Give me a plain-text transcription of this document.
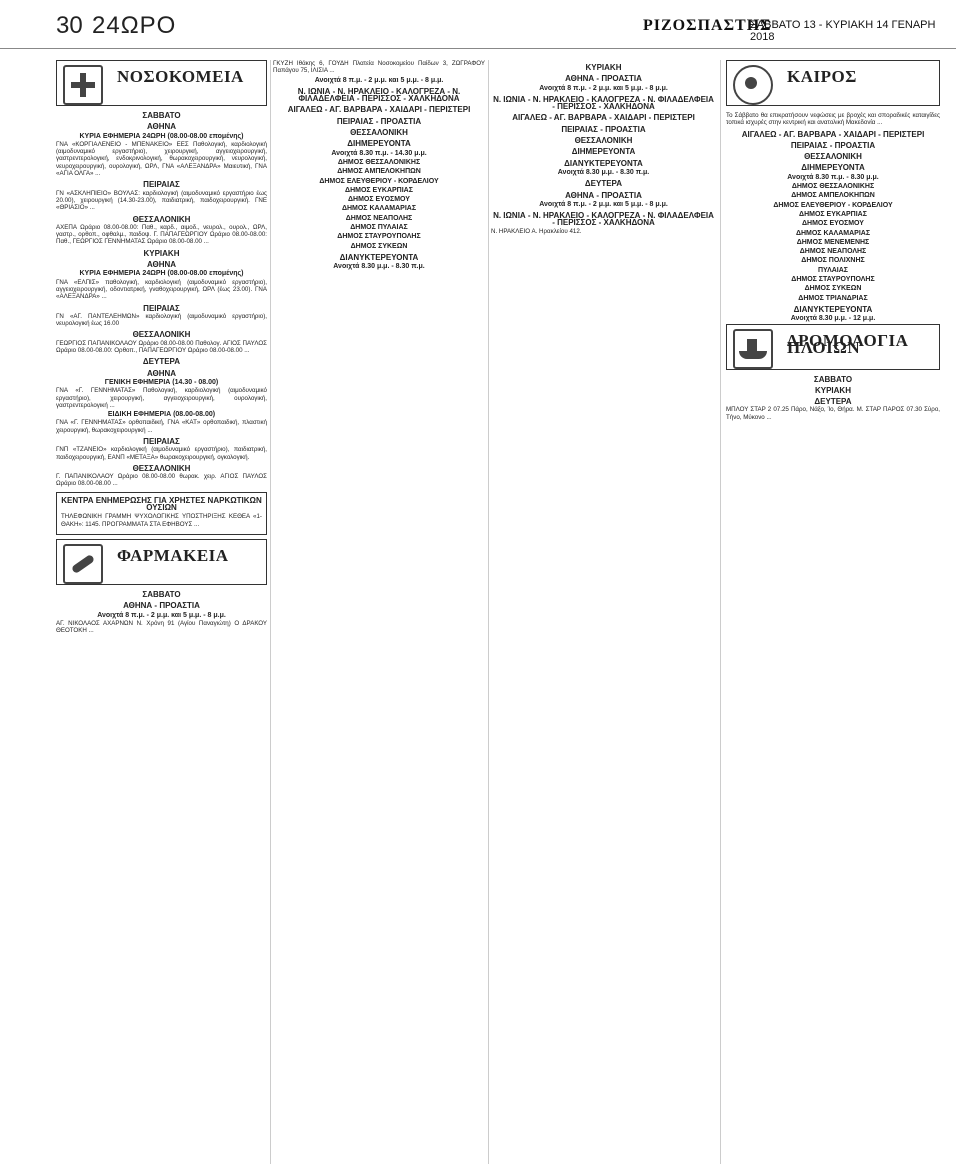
30 24ΩΡΟ	ΡΙΖΟΣΠΑΣΤΗΣ
ΣΑΒΒΑΤΟ 13 - ΚΥΡΙΑΚΗ 14 ΓΕΝΑΡΗ 2018
ΝΟΣΟΚΟΜΕΙΑ
ΣΑΒΒΑΤΟ
ΑΘΗΝΑ
ΚΥΡΙΑ ΕΦΗΜΕΡΙΑ 24ΩΡΗ (08.00-08.00 επομένης)

ΓΝΑ «ΚΟΡΓΙΑΛΕΝΕΙΟ - ΜΠΕΝΑΚΕΙΟ» ΕΕΣ Παθολογική, καρδιολογική (αιμοδυναμικό εργαστήριο), χειρουργική, αγγειοχειρουργική, γαστρεντερολογική, ενδοκρινολογική, θωρακοχειρουργική, νευρολογική, νευροχειρουργική, ουρολογική, ΩΡΛ, ΓΝΑ «ΑΛΕΞΑΝΔΡΑ» Μαιευτική, ΓΝΑ «ΑΓΙΑ ΟΛΓΑ» ...

ΠΕΙΡΑΙΑΣ

ΓΝ «ΑΣΚΛΗΠΙΕΙΟ» ΒΟΥΛΑΣ: καρδιολογική (αιμοδυναμικό εργαστήριο έως 20.00), χειρουργική (14.30-23.00), παιδιατρική, παιδοχειρουργική. ΓΝΕ «ΘΡΙΑΣΙΟ» ...

ΘΕΣΣΑΛΟΝΙΚΗ

ΑΧΕΠΑ Ωράριο 08.00-08.00: Παθ., καρδ., αιμοδ., νευρολ., ουρολ., ΩΡΛ, γαστρ., ορθοπ., οφθαλμ., παιδοψ. Γ. ΠΑΠΑΓΕΩΡΓΙΟΥ Ωράριο 08.00-08.00: Παθ., ΓΕΩΡΓΙΟΣ ΓΕΝΝΗΜΑΤΑΣ Ωράριο 08.00-08.00 ...

ΚΥΡΙΑΚΗ
ΑΘΗΝΑ
ΚΥΡΙΑ ΕΦΗΜΕΡΙΑ 24ΩΡΗ (08.00-08.00 επομένης)

ΓΝΑ «ΕΛΠΙΣ» παθολογική, καρδιολογική (αιμοδυναμικό εργαστήριο), αγγειοχειρουργική, οδοντιατρική, γναθοχειρουργική, ΩΡΛ (έως 23.00). ΓΝΑ «ΑΛΕΞΑΝΔΡΑ» ...

ΠΕΙΡΑΙΑΣ

ΓΝ «ΑΓ. ΠΑΝΤΕΛΕΗΜΩΝ» καρδιολογική (αιμοδυναμικό εργαστήριο), νευρολογική έως 16.00

ΘΕΣΣΑΛΟΝΙΚΗ

ΓΕΩΡΓΙΟΣ ΠΑΠΑΝΙΚΟΛΑΟΥ Ωράριο 08.00-08.00 Παθολογ. ΑΓΙΟΣ ΠΑΥΛΟΣ Ωράριο 08.00-08.00: Ορθοπ., ΠΑΠΑΓΕΩΡΓΙΟΥ Ωράριο 08.00-08.00 ...

ΔΕΥΤΕΡΑ
ΑΘΗΝΑ
ΓΕΝΙΚΗ ΕΦΗΜΕΡΙΑ (14.30 - 08.00)

ΓΝΑ «Γ. ΓΕΝΝΗΜΑΤΑΣ» Παθολογική, καρδιολογική (αιμοδυναμικό εργαστήριο), χειρουργική, αγγειοχειρουργική, ουρολογική, γαστρεντερολογική ...

ΕΙΔΙΚΗ ΕΦΗΜΕΡΙΑ (08.00-08.00)

ΓΝΑ «Γ. ΓΕΝΝΗΜΑΤΑΣ» ορθοπαιδική, ΓΝΑ «ΚΑΤ» ορθοπαιδική, πλαστική χειρουργική, θωρακοχειρουργική ...

ΠΕΙΡΑΙΑΣ

ΓΝΠ «ΤΖΑΝΕΙΟ» καρδιολογική (αιμοδυναμικό εργαστήριο), παιδιατρική, παιδοχειρουργική, ΕΑΝΠ «ΜΕΤΑΞΑ» θωρακοχειρουργική, ογκολογική.

ΘΕΣΣΑΛΟΝΙΚΗ

Γ. ΠΑΠΑΝΙΚΟΛΑΟΥ Ωράριο 08.00-08.00 θωρακ. χειρ. ΑΓΙΟΣ ΠΑΥΛΟΣ Ωράριο 08.00-08.00 ...

ΚΕΝΤΡΑ ΕΝΗΜΕΡΩΣΗΣ ΓΙΑ ΧΡΗΣΤΕΣ ΝΑΡΚΩΤΙΚΩΝ ΟΥΣΙΩΝ

ΤΗΛΕΦΩΝΙΚΗ ΓΡΑΜΜΗ ΨΥΧΟΛΟΓΙΚΗΣ ΥΠΟΣΤΗΡΙΞΗΣ ΚΕΘΕΑ «1-ΘΑΚΗ»: 1145. ΠΡΟΓΡΑΜΜΑΤΑ ΣΤΑ ΕΦΗΒΟΥΣ ...

ΦΑΡΜΑΚΕΙΑ
ΣΑΒΒΑΤΟ
ΑΘΗΝΑ - ΠΡΟΑΣΤΙΑ
Ανοιχτά 8 π.μ. - 2 μ.μ. και 5 μ.μ. - 8 μ.μ.

ΑΓ. ΝΙΚΟΛΑΟΣ ΑΧΑΡΝΩΝ Ν. Χρόνη 91 (Αγίου Παναγιώτη) Ο ΔΡΑΚΟΥ ΘΕΟΤΟΚΗ ...

ΓΚΥΖΗ Ιθάκης 6, ΓΟΥΔΗ Πλατεία Νοσοκομείου Παίδων 3, ΖΩΓΡΑΦΟΥ Παπάγου 75, ΙΛΙΣΙΑ ...

Ανοιχτά 8 π.μ. - 2 μ.μ. και 5 μ.μ. - 8 μ.μ.
Ν. ΙΩΝΙΑ - Ν. ΗΡΑΚΛΕΙΟ - ΚΑΛΟΓΡΕΖΑ - Ν. ΦΙΛΑΔΕΛΦΕΙΑ - ΠΕΡΙΣΣΟΣ - ΧΑΛΚΗΔΟΝΑ
ΑΙΓΑΛΕΩ - ΑΓ. ΒΑΡΒΑΡΑ - ΧΑΙΔΑΡΙ - ΠΕΡΙΣΤΕΡΙ
ΠΕΙΡΑΙΑΣ - ΠΡΟΑΣΤΙΑ
ΘΕΣΣΑΛΟΝΙΚΗ
ΔΙΗΜΕΡΕΥΟΝΤΑ
Ανοιχτά 8.30 π.μ. - 14.30 μ.μ.
ΔΗΜΟΣ ΘΕΣΣΑΛΟΝΙΚΗΣ
ΔΗΜΟΣ ΑΜΠΕΛΟΚΗΠΩΝ
ΔΗΜΟΣ ΕΛΕΥΘΕΡΙΟΥ - ΚΟΡΔΕΛΙΟΥ
ΔΗΜΟΣ ΕΥΚΑΡΠΙΑΣ
ΔΗΜΟΣ ΕΥΟΣΜΟΥ
ΔΗΜΟΣ ΚΑΛΑΜΑΡΙΑΣ
ΔΗΜΟΣ ΝΕΑΠΟΛΗΣ
ΔΗΜΟΣ ΠΥΛΑΙΑΣ
ΔΗΜΟΣ ΣΤΑΥΡΟΥΠΟΛΗΣ
ΔΗΜΟΣ ΣΥΚΕΩΝ
ΔΙΑΝΥΚΤΕΡΕΥΟΝΤΑ
Ανοιχτά 8.30 μ.μ. - 8.30 π.μ.
ΚΥΡΙΑΚΗ
ΑΘΗΝΑ - ΠΡΟΑΣΤΙΑ
Ανοιχτά 8 π.μ. - 2 μ.μ. και 5 μ.μ. - 8 μ.μ.
Ν. ΙΩΝΙΑ - Ν. ΗΡΑΚΛΕΙΟ - ΚΑΛΟΓΡΕΖΑ - Ν. ΦΙΛΑΔΕΛΦΕΙΑ - ΠΕΡΙΣΣΟΣ - ΧΑΛΚΗΔΟΝΑ
ΑΙΓΑΛΕΩ - ΑΓ. ΒΑΡΒΑΡΑ - ΧΑΙΔΑΡΙ - ΠΕΡΙΣΤΕΡΙ
ΠΕΙΡΑΙΑΣ - ΠΡΟΑΣΤΙΑ
ΘΕΣΣΑΛΟΝΙΚΗ
ΔΙΗΜΕΡΕΥΟΝΤΑ
ΔΙΑΝΥΚΤΕΡΕΥΟΝΤΑ
Ανοιχτά 8.30 μ.μ. - 8.30 π.μ.
ΔΕΥΤΕΡΑ
ΑΘΗΝΑ - ΠΡΟΑΣΤΙΑ
Ανοιχτά 8 π.μ. - 2 μ.μ. και 5 μ.μ. - 8 μ.μ.
Ν. ΙΩΝΙΑ - Ν. ΗΡΑΚΛΕΙΟ - ΚΑΛΟΓΡΕΖΑ - Ν. ΦΙΛΑΔΕΛΦΕΙΑ - ΠΕΡΙΣΣΟΣ - ΧΑΛΚΗΔΟΝΑ

Ν. ΗΡΑΚΛΕΙΟ Α. Ηρακλείου 412.

ΚΑΙΡΟΣ

Το Σάββατο θα επικρατήσουν νεφώσεις με βροχές και σποραδικές καταιγίδες τοπικά ισχυρές στην κεντρική και ανατολική Μακεδονία ...

ΑΙΓΑΛΕΩ - ΑΓ. ΒΑΡΒΑΡΑ - ΧΑΙΔΑΡΙ - ΠΕΡΙΣΤΕΡΙ
ΠΕΙΡΑΙΑΣ - ΠΡΟΑΣΤΙΑ
ΘΕΣΣΑΛΟΝΙΚΗ
ΔΙΗΜΕΡΕΥΟΝΤΑ
Ανοιχτά 8.30 π.μ. - 8.30 μ.μ.
ΔΗΜΟΣ ΘΕΣΣΑΛΟΝΙΚΗΣ
ΔΗΜΟΣ ΑΜΠΕΛΟΚΗΠΩΝ
ΔΗΜΟΣ ΕΛΕΥΘΕΡΙΟΥ - ΚΟΡΔΕΛΙΟΥ
ΔΗΜΟΣ ΕΥΚΑΡΠΙΑΣ
ΔΗΜΟΣ ΕΥΟΣΜΟΥ
ΔΗΜΟΣ ΚΑΛΑΜΑΡΙΑΣ
ΔΗΜΟΣ ΜΕΝΕΜΕΝΗΣ
ΔΗΜΟΣ ΝΕΑΠΟΛΗΣ
ΔΗΜΟΣ ΠΟΛΙΧΝΗΣ
ΠΥΛΑΙΑΣ
ΔΗΜΟΣ ΣΤΑΥΡΟΥΠΟΛΗΣ
ΔΗΜΟΣ ΣΥΚΕΩΝ
ΔΗΜΟΣ ΤΡΙΑΝΔΡΙΑΣ
ΔΙΑΝΥΚΤΕΡΕΥΟΝΤΑ
Ανοιχτά 8.30 μ.μ. - 12 μ.μ.
ΔΡΟΜΟΛΟΓΙΑ ΠΛΟΙΩΝ
ΣΑΒΒΑΤΟ
ΚΥΡΙΑΚΗ
ΔΕΥΤΕΡΑ

ΜΠΛΟΥ ΣΤΑΡ 2 07.25 Πάρο, Νάξο, Ίο, Θήρα. Μ. ΣΤΑΡ ΠΑΡΟΣ 07.30 Σύρο, Τήνο, Μύκονο ...
